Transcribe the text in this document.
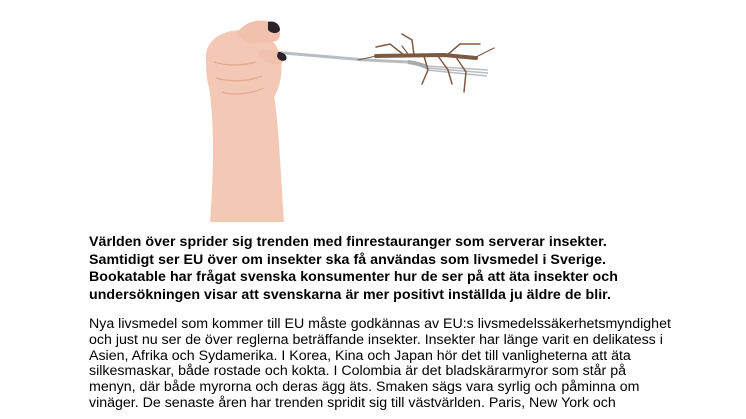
Världen över sprider sig trenden med finrestauranger som serverar insekter.
Samtidigt ser EU över om insekter ska få användas som livsmedel i Sverige.
Bookatable har frågat svenska konsumenter hur de ser på att äta insekter och
undersökningen visar att svenskarna är mer positivt inställda ju äldre de blir.

Nya livsmedel som kommer till EU måste godkännas av EU:s livsmedelssäkerhetsmyndighet
och just nu ser de över reglerna beträffande insekter. Insekter har länge varit en delikatess i
Asien, Afrika och Sydamerika. I Korea, Kina och Japan hör det till vanligheterna att äta
silkesmaskar, både rostade och kokta. I Colombia är det bladskärarmyror som står på
menyn, där både myrorna och deras ägg äts. Smaken sägs vara syrlig och påminna om
vinäger. De senaste åren har trenden spridit sig till västvärlden. Paris, New York och
